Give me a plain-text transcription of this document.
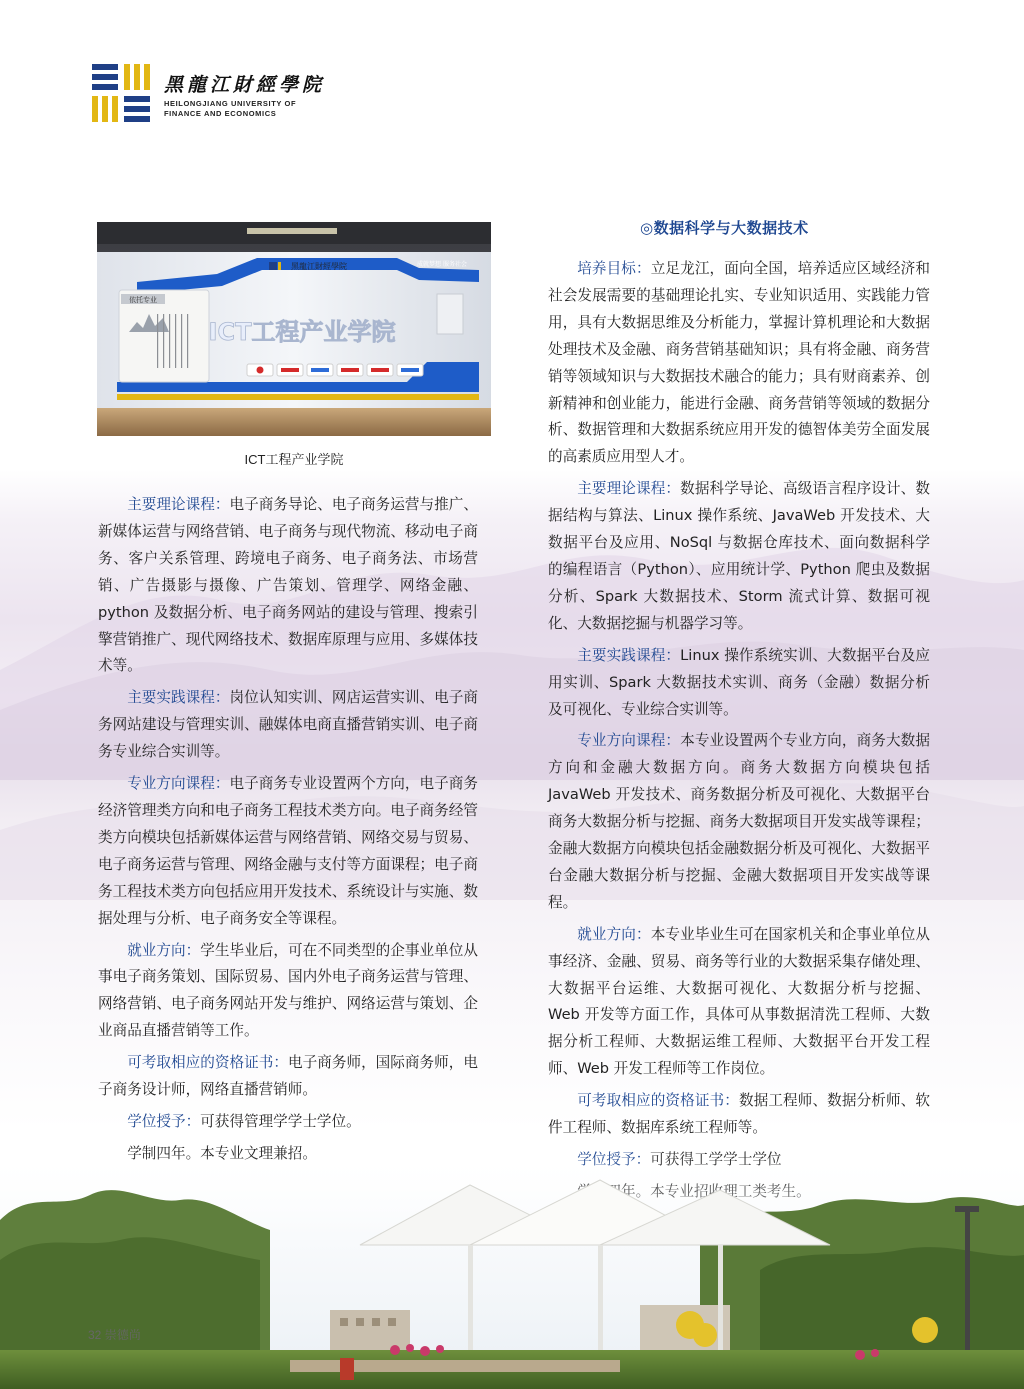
黑龍江財經學院
HEILONGJIANG UNIVERSITY OF
FINANCE AND ECONOMICS
依托专业
黑龍江財經學院	成就梦想 服务社会
ICT工程产业学院
ICT工程产业学院
◎数据科学与大数据技术

主要理论课程：电子商务导论、电子商务运营与推广、新媒体运营与网络营销、电子商务与现代物流、移动电子商务、客户关系管理、跨境电子商务、电子商务法、市场营销、广告摄影与摄像、广告策划、管理学、网络金融、python 及数据分析、电子商务网站的建设与管理、搜索引擎营销推广、现代网络技术、数据库原理与应用、多媒体技术等。

主要实践课程：岗位认知实训、网店运营实训、电子商务网站建设与管理实训、融媒体电商直播营销实训、电子商务专业综合实训等。

专业方向课程：电子商务专业设置两个方向，电子商务经济管理类方向和电子商务工程技术类方向。电子商务经管类方向模块包括新媒体运营与网络营销、网络交易与贸易、电子商务运营与管理、网络金融与支付等方面课程；电子商务工程技术类方向包括应用开发技术、系统设计与实施、数据处理与分析、电子商务安全等课程。

就业方向：学生毕业后，可在不同类型的企事业单位从事电子商务策划、国际贸易、国内外电子商务运营与管理、网络营销、电子商务网站开发与维护、网络运营与策划、企业商品直播营销等工作。

可考取相应的资格证书：电子商务师，国际商务师，电子商务设计师，网络直播营销师。

学位授予：可获得管理学学士学位。

培养目标：立足龙江，面向全国，培养适应区域经济和社会发展需要的基础理论扎实、专业知识适用、实践能力管用，具有大数据思维及分析能力，掌握计算机理论和大数据处理技术及金融、商务营销基础知识；具有将金融、商务营销等领域知识与大数据技术融合的能力；具有财商素养、创新精神和创业能力，能进行金融、商务营销等领域的数据分析、数据管理和大数据系统应用开发的德智体美劳全面发展的高素质应用型人才。

主要理论课程：数据科学导论、高级语言程序设计、数据结构与算法、Linux 操作系统、JavaWeb 开发技术、大数据平台及应用、NoSql 与数据仓库技术、面向数据科学的编程语言（Python）、应用统计学、Python 爬虫及数据分析、Spark 大数据技术、Storm 流式计算、数据可视化、大数据挖掘与机器学习等。

主要实践课程：Linux 操作系统实训、大数据平台及应用实训、Spark 大数据技术实训、商务（金融）数据分析及可视化、专业综合实训等。

专业方向课程：本专业设置两个专业方向，商务大数据方向和金融大数据方向。商务大数据方向模块包括 JavaWeb 开发技术、商务数据分析及可视化、大数据平台商务大数据分析与挖掘、商务大数据项目开发实战等课程；金融大数据方向模块包括金融数据分析及可视化、大数据平台金融大数据分析与挖掘、金融大数据项目开发实战等课程。

就业方向：本专业毕业生可在国家机关和企事业单位从事经济、金融、贸易、商务等行业的大数据采集存储处理、大数据平台运维、大数据可视化、大数据分析与挖掘、Web 开发等方面工作，具体可从事数据清洗工程师、大数据分析工程师、大数据运维工程师、大数据平台开发工程师、Web 开发工程师等工作岗位。

可考取相应的资格证书：数据工程师、数据分析师、软件工程师、数据库系统工程师等。

32 崇德尚
